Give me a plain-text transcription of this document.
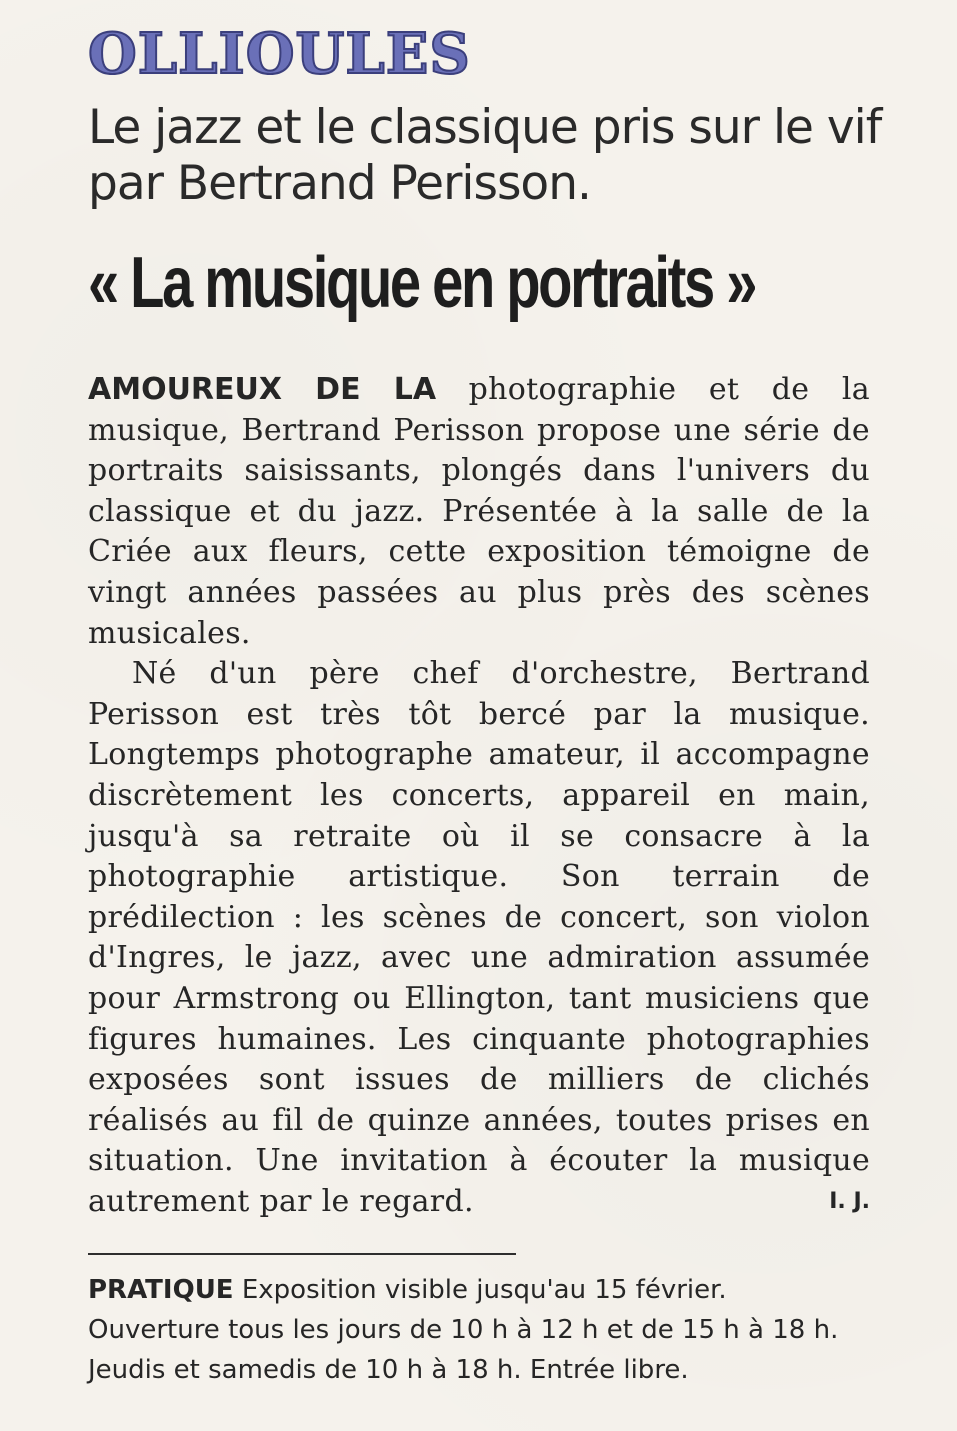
OLLIOULES
Le jazz et le classique pris sur le vif par Bertrand Perisson.
« La musique en portraits »

AMOUREUX DE LA photographie et de la musique, Bertrand Perisson propose une série de portraits saisissants, plongés dans l'univers du classique et du jazz. Présentée à la salle de la Criée aux fleurs, cette exposition témoigne de vingt années passées au plus près des scènes musicales.

Né d'un père chef d'orchestre, Bertrand Perisson est très tôt bercé par la musique. Longtemps photographe amateur, il accompagne discrètement les concerts, appareil en main, jusqu'à sa retraite où il se consacre à la photographie artistique. Son terrain de prédilection : les scènes de concert, son violon d'Ingres, le jazz, avec une admiration assumée pour Armstrong ou Ellington, tant musiciens que figures humaines. Les cinquante photographies exposées sont issues de milliers de clichés réalisés au fil de quinze années, toutes prises en situation. Une invitation à écouter la musique autrement par le regard.	I. J.

PRATIQUE Exposition visible jusqu'au 15 février. Ouverture tous les jours de 10 h à 12 h et de 15 h à 18 h. Jeudis et samedis de 10 h à 18 h. Entrée libre.
